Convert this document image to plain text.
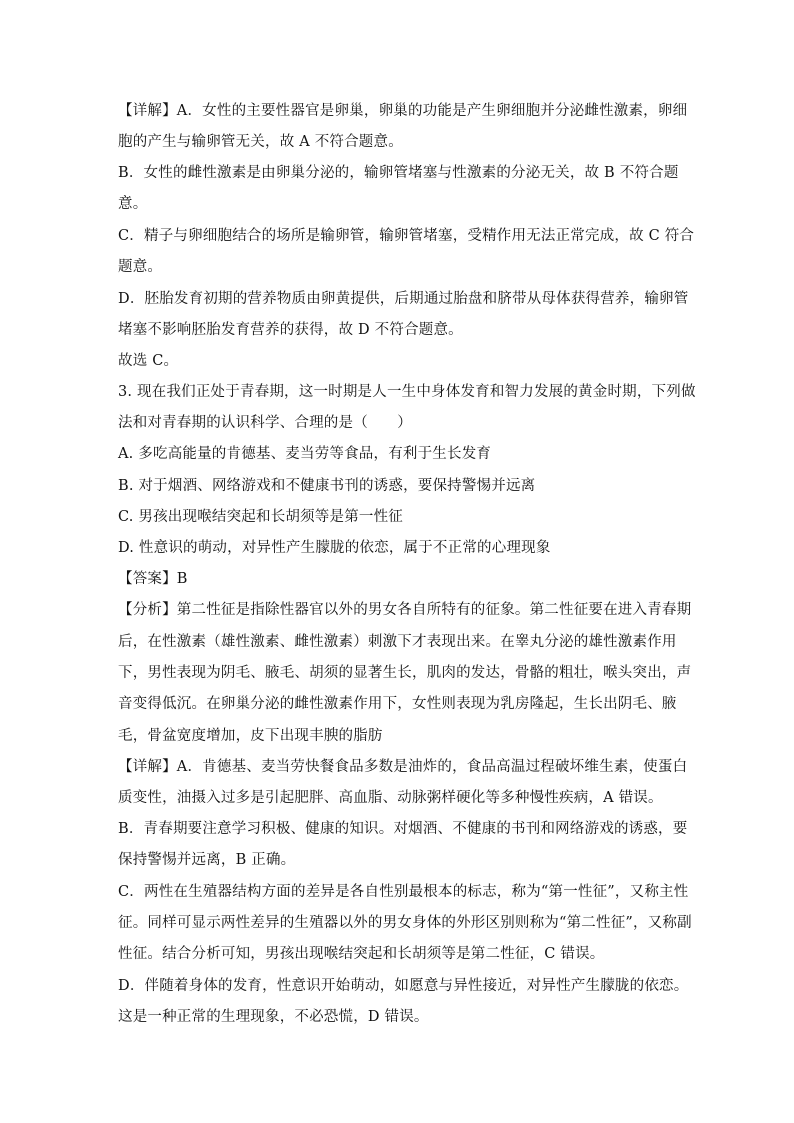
【详解】A．女性的主要性器官是卵巢，卵巢的功能是产生卵细胞并分泌雌性激素，卵细
胞的产生与输卵管无关，故 A 不符合题意。
B．女性的雌性激素是由卵巢分泌的，输卵管堵塞与性激素的分泌无关，故 B 不符合题
意。
C．精子与卵细胞结合的场所是输卵管，输卵管堵塞，受精作用无法正常完成，故 C 符合
题意。
D．胚胎发育初期的营养物质由卵黄提供，后期通过胎盘和脐带从母体获得营养，输卵管
堵塞不影响胚胎发育营养的获得，故 D 不符合题意。
故选 C。
3. 现在我们正处于青春期，这一时期是人一生中身体发育和智力发展的黄金时期，下列做
法和对青春期的认识科学、合理的是（　　）
A. 多吃高能量的肯德基、麦当劳等食品，有利于生长发育
B. 对于烟酒、网络游戏和不健康书刊的诱惑，要保持警惕并远离
C. 男孩出现喉结突起和长胡须等是第一性征
D. 性意识的萌动，对异性产生朦胧的依恋，属于不正常的心理现象
【答案】B
【分析】第二性征是指除性器官以外的男女各自所特有的征象。第二性征要在进入青春期
后，在性激素（雄性激素、雌性激素）刺激下才表现出来。在睾丸分泌的雄性激素作用
下，男性表现为阴毛、腋毛、胡须的显著生长，肌肉的发达，骨骼的粗壮，喉头突出，声
音变得低沉。在卵巢分泌的雌性激素作用下，女性则表现为乳房隆起，生长出阴毛、腋
毛，骨盆宽度增加，皮下出现丰腴的脂肪
【详解】A．肯德基、麦当劳快餐食品多数是油炸的，食品高温过程破坏维生素，使蛋白
质变性，油摄入过多是引起肥胖、高血脂、动脉粥样硬化等多种慢性疾病，A 错误。
B．青春期要注意学习积极、健康的知识。对烟酒、不健康的书刊和网络游戏的诱惑，要
保持警惕并远离，B 正确。
C．两性在生殖器结构方面的差异是各自性别最根本的标志，称为“第一性征”，又称主性
征。同样可显示两性差异的生殖器以外的男女身体的外形区别则称为“第二性征”，又称副
性征。结合分析可知，男孩出现喉结突起和长胡须等是第二性征，C 错误。
D．伴随着身体的发育，性意识开始萌动，如愿意与异性接近，对异性产生朦胧的依恋。
这是一种正常的生理现象，不必恐慌，D 错误。
